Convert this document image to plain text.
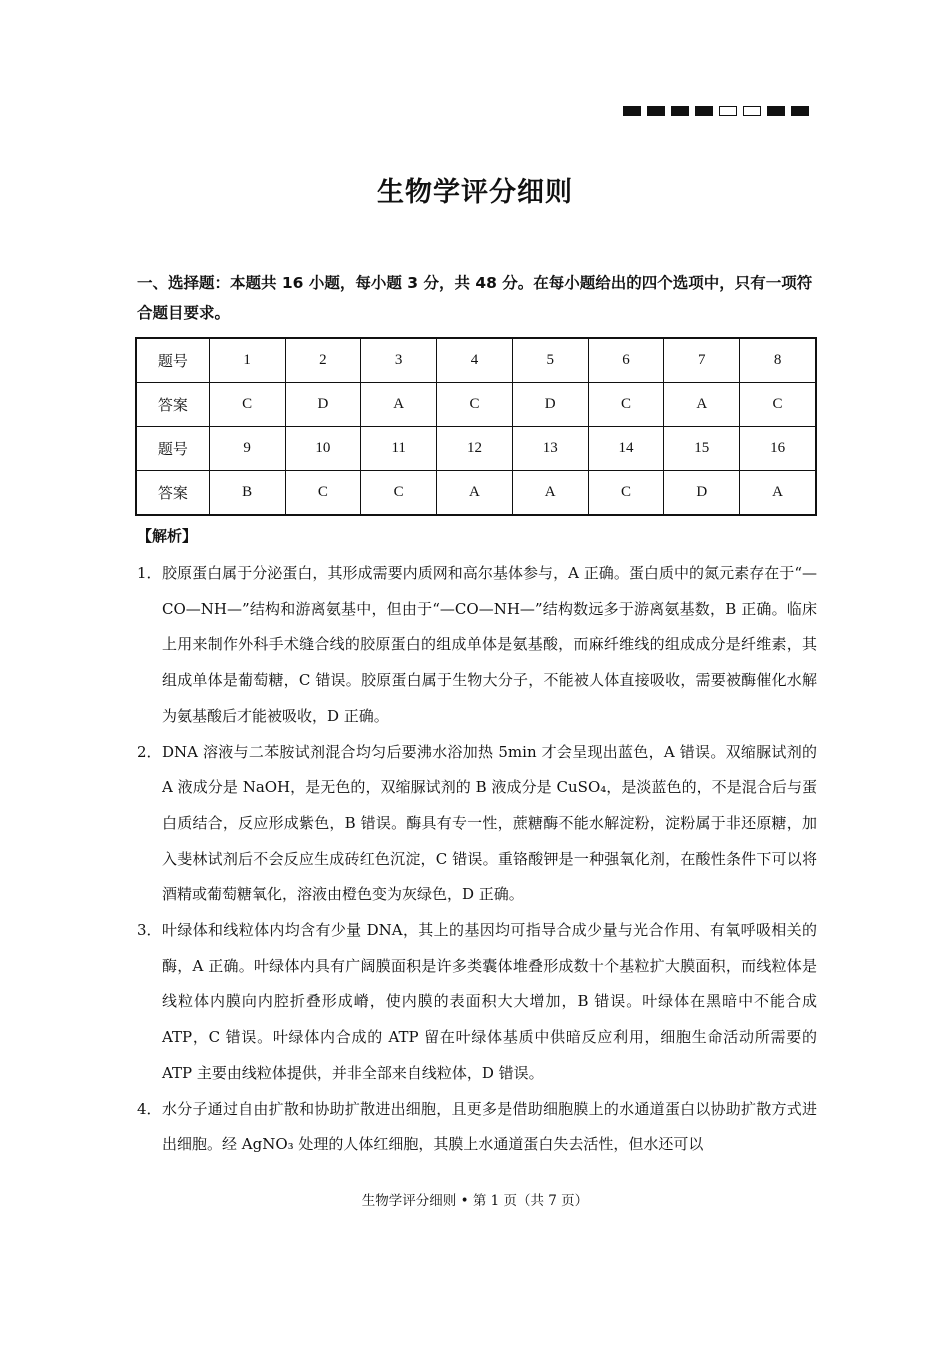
生物学评分细则
一、选择题：本题共 16 小题，每小题 3 分，共 48 分。在每小题给出的四个选项中，只有一项符合题目要求。
题号	1	2	3	4	5	6	7	8
答案	C	D	A	C	D	C	A	C
题号	9	10	11	12	13	14	15	16
答案	B	C	C	A	A	C	D	A
【解析】
1． 胶原蛋白属于分泌蛋白，其形成需要内质网和高尔基体参与，A 正确。蛋白质中的氮元素存在于“—CO—NH—”结构和游离氨基中，但由于“—CO—NH—”结构数远多于游离氨基数，B 正确。临床上用来制作外科手术缝合线的胶原蛋白的组成单体是氨基酸，而麻纤维线的组成成分是纤维素，其组成单体是葡萄糖，C 错误。胶原蛋白属于生物大分子，不能被人体直接吸收，需要被酶催化水解为氨基酸后才能被吸收，D 正确。
2． DNA 溶液与二苯胺试剂混合均匀后要沸水浴加热 5min 才会呈现出蓝色，A 错误。双缩脲试剂的 A 液成分是 NaOH，是无色的，双缩脲试剂的 B 液成分是 CuSO₄，是淡蓝色的，不是混合后与蛋白质结合，反应形成紫色，B 错误。酶具有专一性，蔗糖酶不能水解淀粉，淀粉属于非还原糖，加入斐林试剂后不会反应生成砖红色沉淀，C 错误。重铬酸钾是一种强氧化剂，在酸性条件下可以将酒精或葡萄糖氧化，溶液由橙色变为灰绿色，D 正确。
3． 叶绿体和线粒体内均含有少量 DNA，其上的基因均可指导合成少量与光合作用、有氧呼吸相关的酶，A 正确。叶绿体内具有广阔膜面积是许多类囊体堆叠形成数十个基粒扩大膜面积，而线粒体是线粒体内膜向内腔折叠形成嵴，使内膜的表面积大大增加，B 错误。叶绿体在黑暗中不能合成 ATP，C 错误。叶绿体内合成的 ATP 留在叶绿体基质中供暗反应利用，细胞生命活动所需要的 ATP 主要由线粒体提供，并非全部来自线粒体，D 错误。
4． 水分子通过自由扩散和协助扩散进出细胞，且更多是借助细胞膜上的水通道蛋白以协助扩散方式进出细胞。经 AgNO₃ 处理的人体红细胞，其膜上水通道蛋白失去活性，但水还可以
生物学评分细则 • 第 1 页（共 7 页）
